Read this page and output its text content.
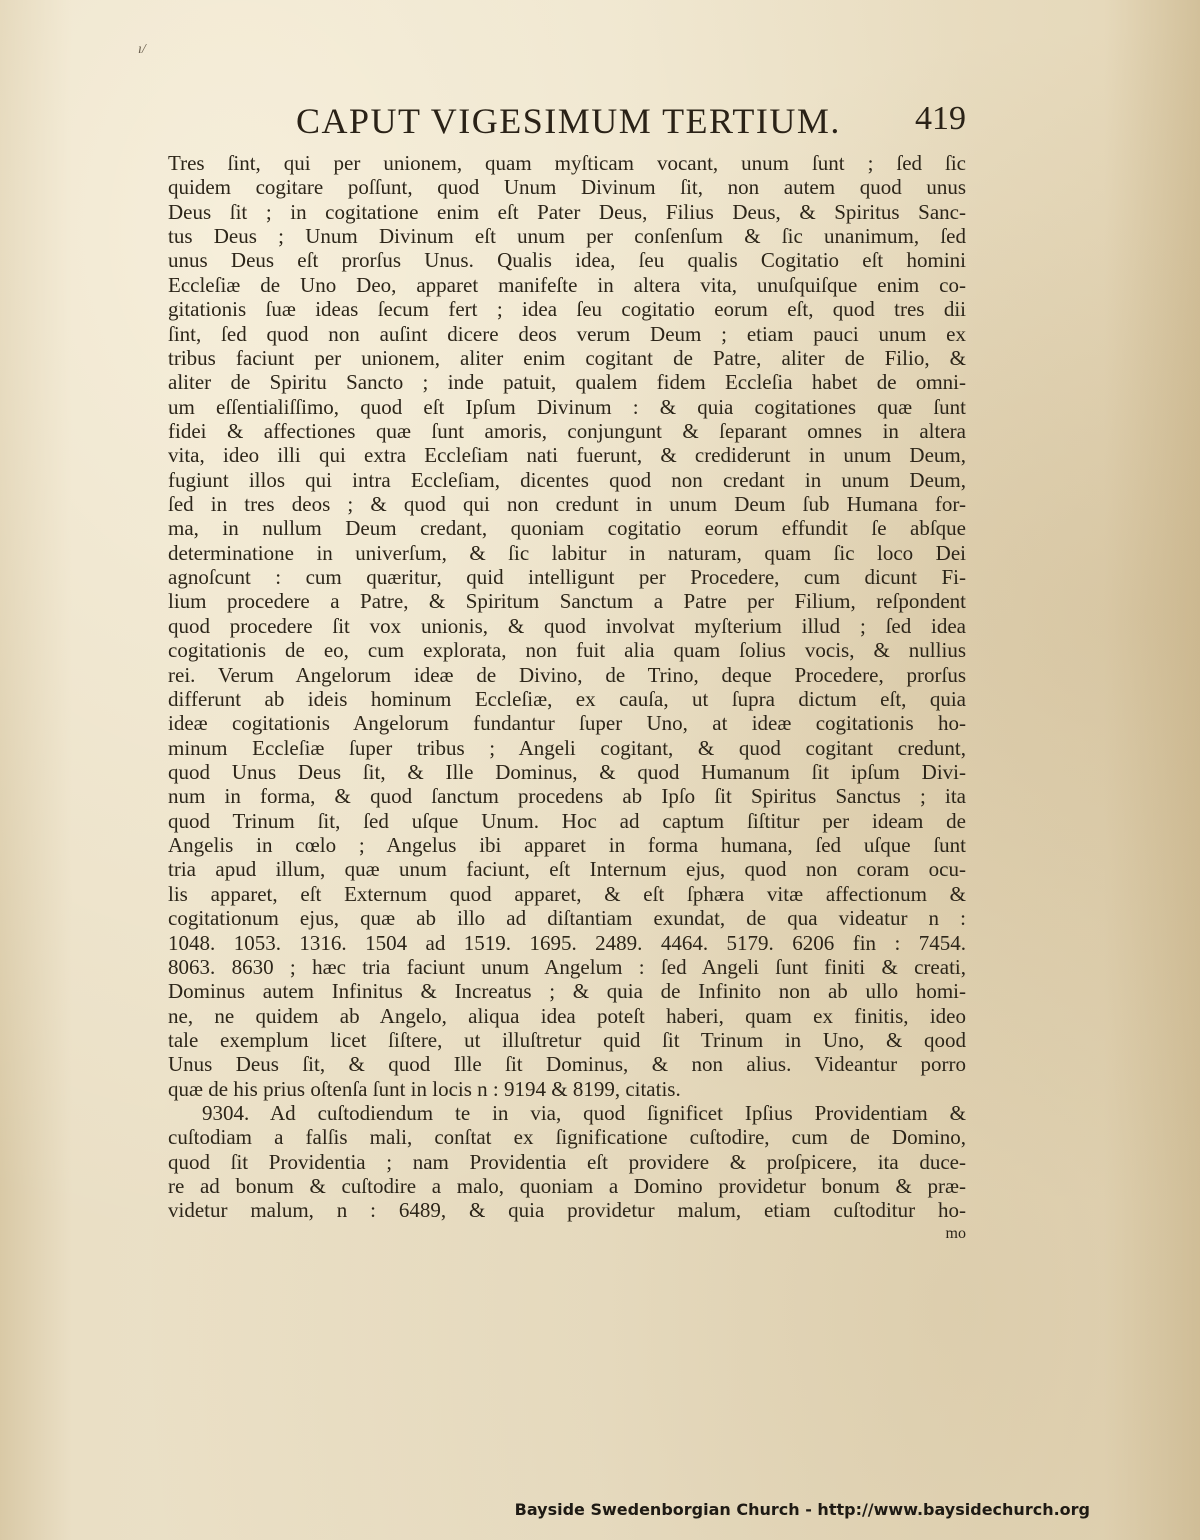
ı/
CAPUT VIGESIMUM TERTIUM. 419
Tres ſint, qui per unionem, quam myſticam vocant, unum ſunt ; ſed ſic
quidem cogitare poſſunt, quod Unum Divinum ſit, non autem quod unus
Deus ſit ; in cogitatione enim eſt Pater Deus, Filius Deus, & Spiritus Sanc-
tus Deus ; Unum Divinum eſt unum per conſenſum & ſic unanimum, ſed
unus Deus eſt prorſus Unus. Qualis idea, ſeu qualis Cogitatio eſt homini
Eccleſiæ de Uno Deo, apparet manifeſte in altera vita, unuſquiſque enim co-
gitationis ſuæ ideas ſecum fert ; idea ſeu cogitatio eorum eſt, quod tres dii
ſint, ſed quod non auſint dicere deos verum Deum ; etiam pauci unum ex
tribus faciunt per unionem, aliter enim cogitant de Patre, aliter de Filio, &
aliter de Spiritu Sancto ; inde patuit, qualem fidem Eccleſia habet de omni-
um eſſentialiſſimo, quod eſt Ipſum Divinum : & quia cogitationes quæ ſunt
fidei & affectiones quæ ſunt amoris, conjungunt & ſeparant omnes in altera
vita, ideo illi qui extra Eccleſiam nati fuerunt, & crediderunt in unum Deum,
fugiunt illos qui intra Eccleſiam, dicentes quod non credant in unum Deum,
ſed in tres deos ; & quod qui non credunt in unum Deum ſub Humana for-
ma, in nullum Deum credant, quoniam cogitatio eorum effundit ſe abſque
determinatione in univerſum, & ſic labitur in naturam, quam ſic loco Dei
agnoſcunt : cum quæritur, quid intelligunt per Procedere, cum dicunt Fi-
lium procedere a Patre, & Spiritum Sanctum a Patre per Filium, reſpondent
quod procedere ſit vox unionis, & quod involvat myſterium illud ; ſed idea
cogitationis de eo, cum explorata, non fuit alia quam ſolius vocis, & nullius
rei. Verum Angelorum ideæ de Divino, de Trino, deque Procedere, prorſus
differunt ab ideis hominum Eccleſiæ, ex cauſa, ut ſupra dictum eſt, quia
ideæ cogitationis Angelorum fundantur ſuper Uno, at ideæ cogitationis ho-
minum Eccleſiæ ſuper tribus ; Angeli cogitant, & quod cogitant credunt,
quod Unus Deus ſit, & Ille Dominus, & quod Humanum ſit ipſum Divi-
num in forma, & quod ſanctum procedens ab Ipſo ſit Spiritus Sanctus ; ita
quod Trinum ſit, ſed uſque Unum. Hoc ad captum ſiſtitur per ideam de
Angelis in cœlo ; Angelus ibi apparet in forma humana, ſed uſque ſunt
tria apud illum, quæ unum faciunt, eſt Internum ejus, quod non coram ocu-
lis apparet, eſt Externum quod apparet, & eſt ſphæra vitæ affectionum &
cogitationum ejus, quæ ab illo ad diſtantiam exundat, de qua videatur n :
1048. 1053. 1316. 1504 ad 1519. 1695. 2489. 4464. 5179. 6206 fin : 7454.
8063. 8630 ; hæc tria faciunt unum Angelum : ſed Angeli ſunt finiti & creati,
Dominus autem Infinitus & Increatus ; & quia de Infinito non ab ullo homi-
ne, ne quidem ab Angelo, aliqua idea poteſt haberi, quam ex finitis, ideo
tale exemplum licet ſiſtere, ut illuſtretur quid ſit Trinum in Uno, & qood
Unus Deus ſit, & quod Ille ſit Dominus, & non alius. Videantur porro
quæ de his prius oſtenſa ſunt in locis n : 9194 & 8199, citatis.
9304. Ad cuſtodiendum te in via, quod ſignificet Ipſius Providentiam &
cuſtodiam a falſis mali, conſtat ex ſignificatione cuſtodire, cum de Domino,
quod ſit Providentia ; nam Providentia eſt providere & proſpicere, ita duce-
re ad bonum & cuſtodire a malo, quoniam a Domino providetur bonum & præ-
videtur malum, n : 6489, & quia providetur malum, etiam cuſtoditur ho-
mo
Bayside Swedenborgian Church - http://www.baysidechurch.org
